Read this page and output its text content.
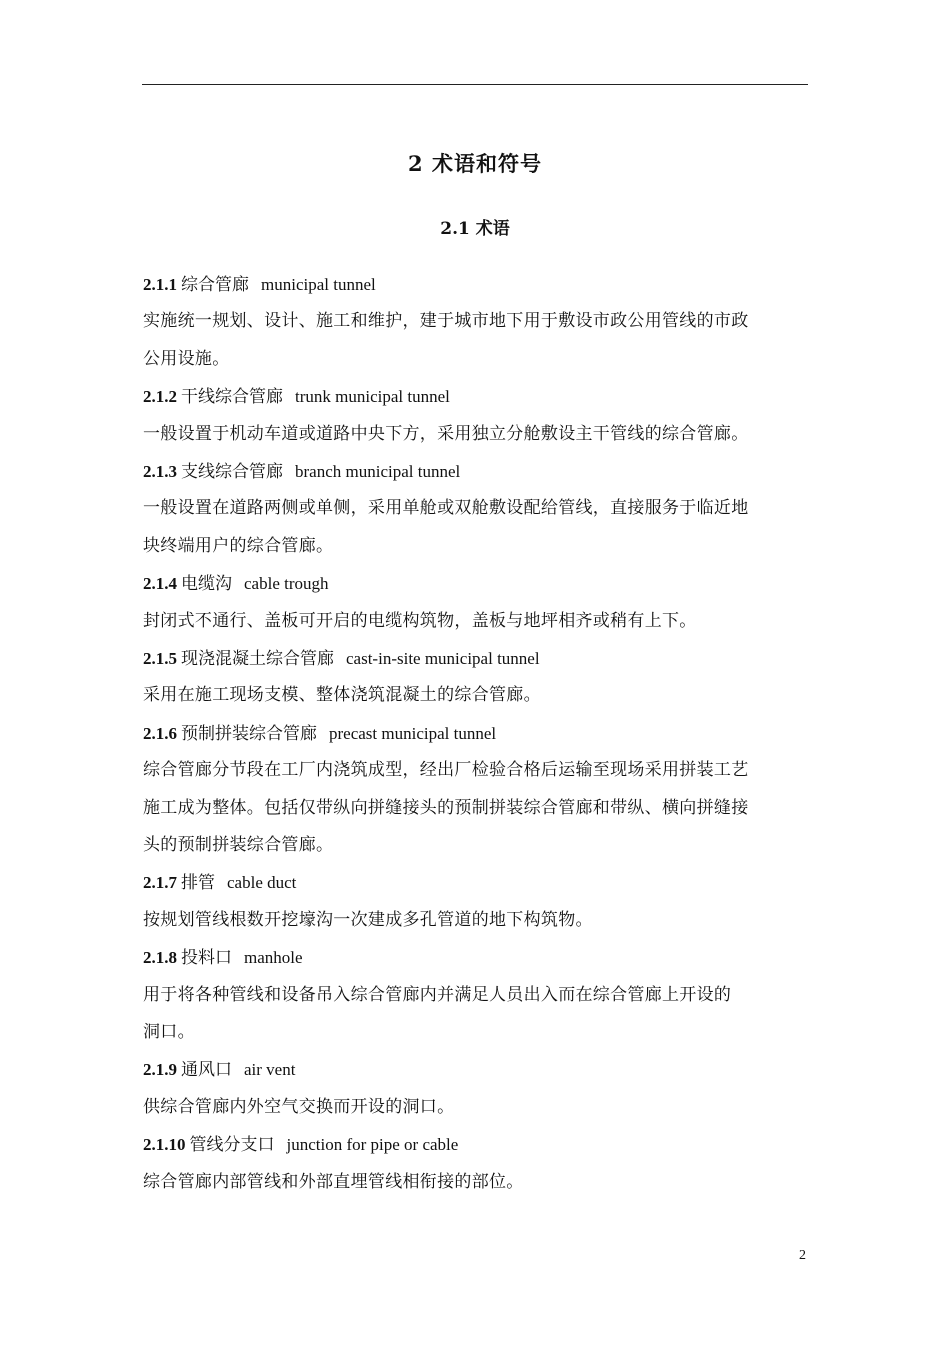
2 术语和符号
2.1 术语
2.1.1 综合管廊 municipal tunnel

实施统一规划、设计、施工和维护，建于城市地下用于敷设市政公用管线的市政

公用设施。

2.1.2 干线综合管廊 trunk municipal tunnel

一般设置于机动车道或道路中央下方，采用独立分舱敷设主干管线的综合管廊。

2.1.3 支线综合管廊 branch municipal tunnel

一般设置在道路两侧或单侧，采用单舱或双舱敷设配给管线，直接服务于临近地

块终端用户的综合管廊。

2.1.4 电缆沟 cable trough

封闭式不通行、盖板可开启的电缆构筑物，盖板与地坪相齐或稍有上下。

2.1.5 现浇混凝土综合管廊 cast-in-site municipal tunnel

采用在施工现场支模、整体浇筑混凝土的综合管廊。

2.1.6 预制拼装综合管廊 precast municipal tunnel

综合管廊分节段在工厂内浇筑成型，经出厂检验合格后运输至现场采用拼装工艺

施工成为整体。包括仅带纵向拼缝接头的预制拼装综合管廊和带纵、横向拼缝接

头的预制拼装综合管廊。

2.1.7 排管 cable duct

按规划管线根数开挖壕沟一次建成多孔管道的地下构筑物。

2.1.8 投料口 manhole

用于将各种管线和设备吊入综合管廊内并满足人员出入而在综合管廊上开设的

洞口。

2.1.9 通风口 air vent

供综合管廊内外空气交换而开设的洞口。

2.1.10 管线分支口 junction for pipe or cable

综合管廊内部管线和外部直埋管线相衔接的部位。

2
